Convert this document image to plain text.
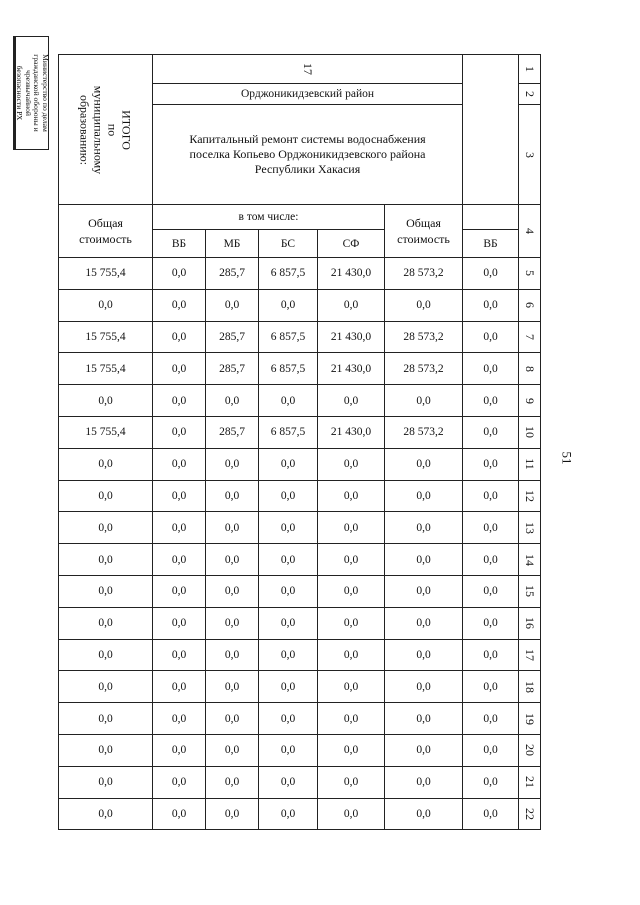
Министерство по делам
гражданской обороны и чрезвычайной
безопасности РХ
51
ИТОГО
по муниципальному
образованию:	17						1
	Орджоникидзевский район						2

	Капитальный ремонт системы водоснабжения
поселка Копьево Орджоникидзевского района
Республики Хакасия						3

Общая
стоимость	в том числе:				Общая
стоимость		4
	ВБ	МБ	БС	СФ		ВБ	
15 755,4	0,0	285,7	6 857,5	21 430,0	28 573,2	0,0	5
0,0	0,0	0,0	0,0	0,0	0,0	0,0	6
15 755,4	0,0	285,7	6 857,5	21 430,0	28 573,2	0,0	7
15 755,4	0,0	285,7	6 857,5	21 430,0	28 573,2	0,0	8
0,0	0,0	0,0	0,0	0,0	0,0	0,0	9
15 755,4	0,0	285,7	6 857,5	21 430,0	28 573,2	0,0	10
0,0	0,0	0,0	0,0	0,0	0,0	0,0	11
0,0	0,0	0,0	0,0	0,0	0,0	0,0	12
0,0	0,0	0,0	0,0	0,0	0,0	0,0	13
0,0	0,0	0,0	0,0	0,0	0,0	0,0	14
0,0	0,0	0,0	0,0	0,0	0,0	0,0	15
0,0	0,0	0,0	0,0	0,0	0,0	0,0	16
0,0	0,0	0,0	0,0	0,0	0,0	0,0	17
0,0	0,0	0,0	0,0	0,0	0,0	0,0	18
0,0	0,0	0,0	0,0	0,0	0,0	0,0	19
0,0	0,0	0,0	0,0	0,0	0,0	0,0	20
0,0	0,0	0,0	0,0	0,0	0,0	0,0	21
0,0	0,0	0,0	0,0	0,0	0,0	0,0	22
